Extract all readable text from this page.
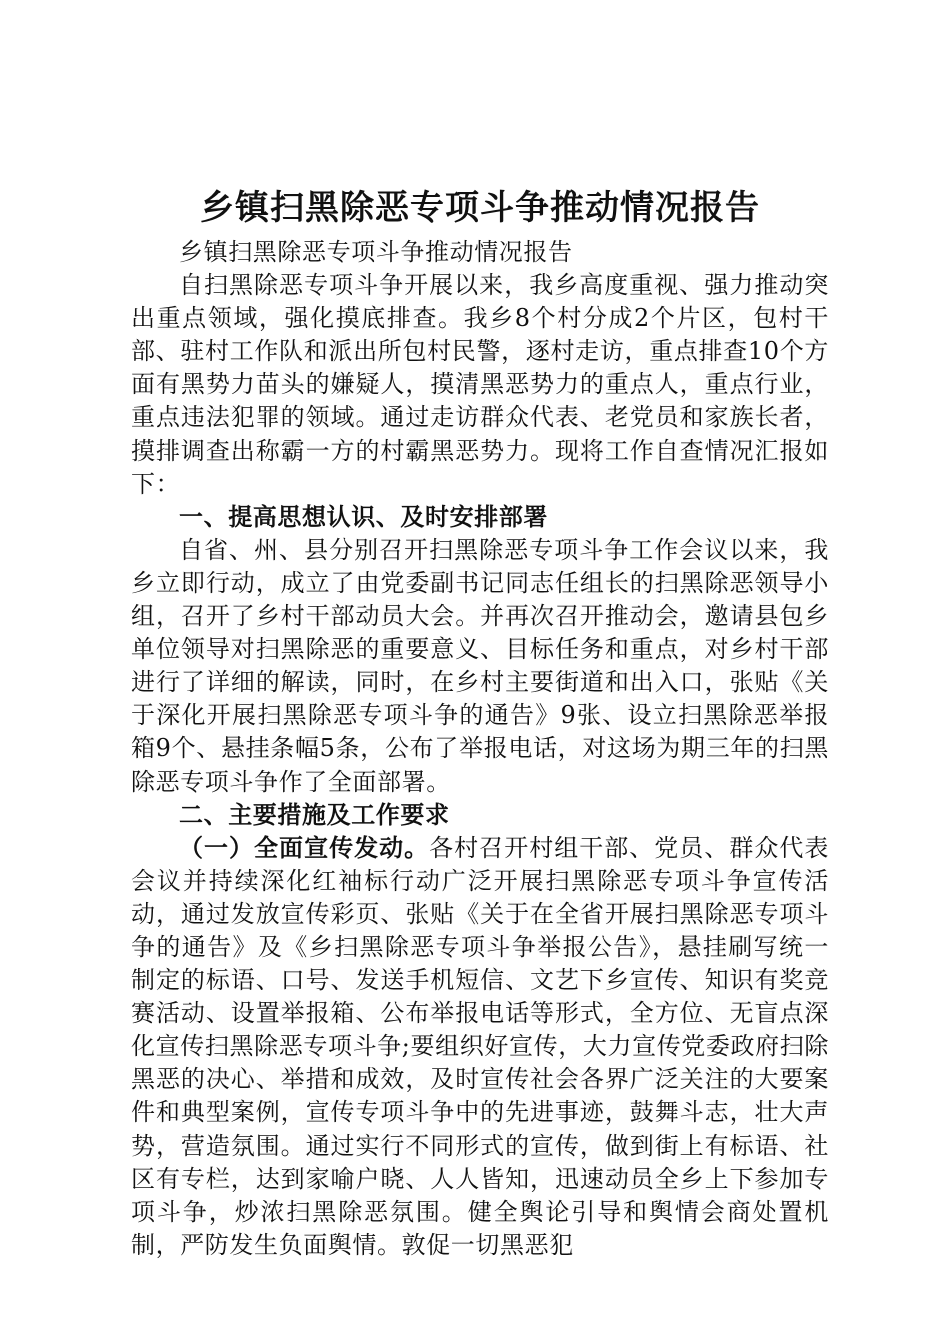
乡镇扫黑除恶专项斗争推动情况报告

乡镇扫黑除恶专项斗争推动情况报告

自扫黑除恶专项斗争开展以来，我乡高度重视、强力推动突出重点领域，强化摸底排查。我乡8个村分成2个片区，包村干部、驻村工作队和派出所包村民警，逐村走访，重点排查10个方面有黑势力苗头的嫌疑人，摸清黑恶势力的重点人，重点行业，重点违法犯罪的领域。通过走访群众代表、老党员和家族长者，摸排调查出称霸一方的村霸黑恶势力。现将工作自查情况汇报如下：

一、提高思想认识、及时安排部署

自省、州、县分别召开扫黑除恶专项斗争工作会议以来，我乡立即行动，成立了由党委副书记同志任组长的扫黑除恶领导小组，召开了乡村干部动员大会。并再次召开推动会，邀请县包乡单位领导对扫黑除恶的重要意义、目标任务和重点，对乡村干部进行了详细的解读，同时，在乡村主要街道和出入口，张贴《关于深化开展扫黑除恶专项斗争的通告》9张、设立扫黑除恶举报箱9个、悬挂条幅5条，公布了举报电话，对这场为期三年的扫黑除恶专项斗争作了全面部署。

二、主要措施及工作要求

（一）全面宣传发动。各村召开村组干部、党员、群众代表会议并持续深化红袖标行动广泛开展扫黑除恶专项斗争宣传活动，通过发放宣传彩页、张贴《关于在全省开展扫黑除恶专项斗争的通告》及《乡扫黑除恶专项斗争举报公告》，悬挂刷写统一制定的标语、口号、发送手机短信、文艺下乡宣传、知识有奖竞赛活动、设置举报箱、公布举报电话等形式，全方位、无盲点深化宣传扫黑除恶专项斗争;要组织好宣传，大力宣传党委政府扫除黑恶的决心、举措和成效，及时宣传社会各界广泛关注的大要案件和典型案例，宣传专项斗争中的先进事迹，鼓舞斗志，壮大声势，营造氛围。通过实行不同形式的宣传，做到街上有标语、社区有专栏，达到家喻户晓、人人皆知，迅速动员全乡上下参加专项斗争，炒浓扫黑除恶氛围。健全舆论引导和舆情会商处置机制，严防发生负面舆情。敦促一切黑恶犯
